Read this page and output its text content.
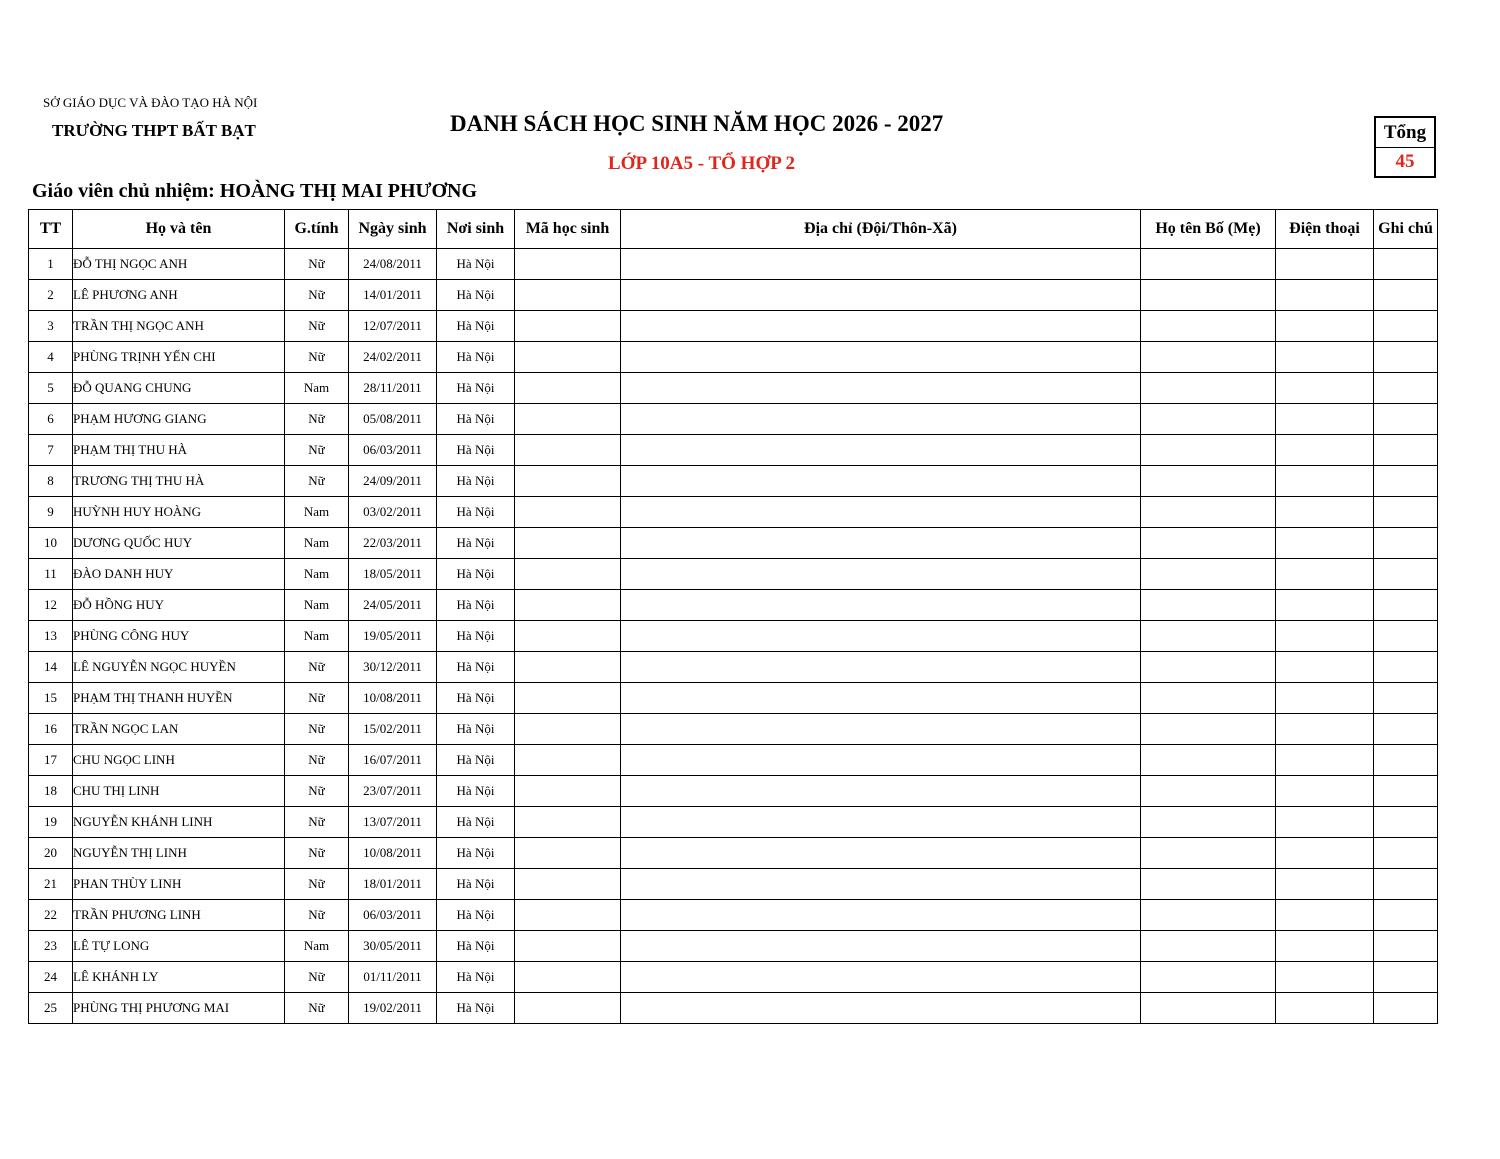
SỞ GIÁO DỤC VÀ ĐÀO TẠO HÀ NỘI
TRƯỜNG THPT BẤT BẠT	DANH SÁCH HỌC SINH NĂM HỌC 2026 - 2027
LỚP 10A5 - TỔ HỢP 2
Giáo viên chủ nhiệm: HOÀNG THỊ MAI PHƯƠNG
Tổng
45
TT	Họ và tên	G.tính	Ngày sinh	Nơi sinh	Mã học sinh	Địa chỉ (Đội/Thôn-Xã)	Họ tên Bố (Mẹ)	Điện thoại	Ghi chú
1	ĐỖ THỊ NGỌC ANH	Nữ	24/08/2011	Hà Nội					
2	LÊ PHƯƠNG ANH	Nữ	14/01/2011	Hà Nội					
3	TRẦN THỊ NGỌC ANH	Nữ	12/07/2011	Hà Nội					
4	PHÙNG TRỊNH YẾN CHI	Nữ	24/02/2011	Hà Nội					
5	ĐỖ QUANG CHUNG	Nam	28/11/2011	Hà Nội					
6	PHẠM HƯƠNG GIANG	Nữ	05/08/2011	Hà Nội					
7	PHẠM THỊ THU HÀ	Nữ	06/03/2011	Hà Nội					
8	TRƯƠNG THỊ THU HÀ	Nữ	24/09/2011	Hà Nội					
9	HUỲNH HUY HOÀNG	Nam	03/02/2011	Hà Nội					
10	DƯƠNG QUỐC HUY	Nam	22/03/2011	Hà Nội					
11	ĐÀO DANH HUY	Nam	18/05/2011	Hà Nội					
12	ĐỖ HỒNG HUY	Nam	24/05/2011	Hà Nội					
13	PHÙNG CÔNG HUY	Nam	19/05/2011	Hà Nội					
14	LÊ NGUYỄN NGỌC HUYỀN	Nữ	30/12/2011	Hà Nội					
15	PHẠM THỊ THANH HUYỀN	Nữ	10/08/2011	Hà Nội					
16	TRẦN NGỌC LAN	Nữ	15/02/2011	Hà Nội					
17	CHU NGỌC LINH	Nữ	16/07/2011	Hà Nội					
18	CHU THỊ LINH	Nữ	23/07/2011	Hà Nội					
19	NGUYỄN KHÁNH LINH	Nữ	13/07/2011	Hà Nội					
20	NGUYỄN THỊ LINH	Nữ	10/08/2011	Hà Nội					
21	PHAN THÙY LINH	Nữ	18/01/2011	Hà Nội					
22	TRẦN PHƯƠNG LINH	Nữ	06/03/2011	Hà Nội					
23	LÊ TỰ LONG	Nam	30/05/2011	Hà Nội					
24	LÊ KHÁNH LY	Nữ	01/11/2011	Hà Nội					
25	PHÙNG THỊ PHƯƠNG MAI	Nữ	19/02/2011	Hà Nội					
